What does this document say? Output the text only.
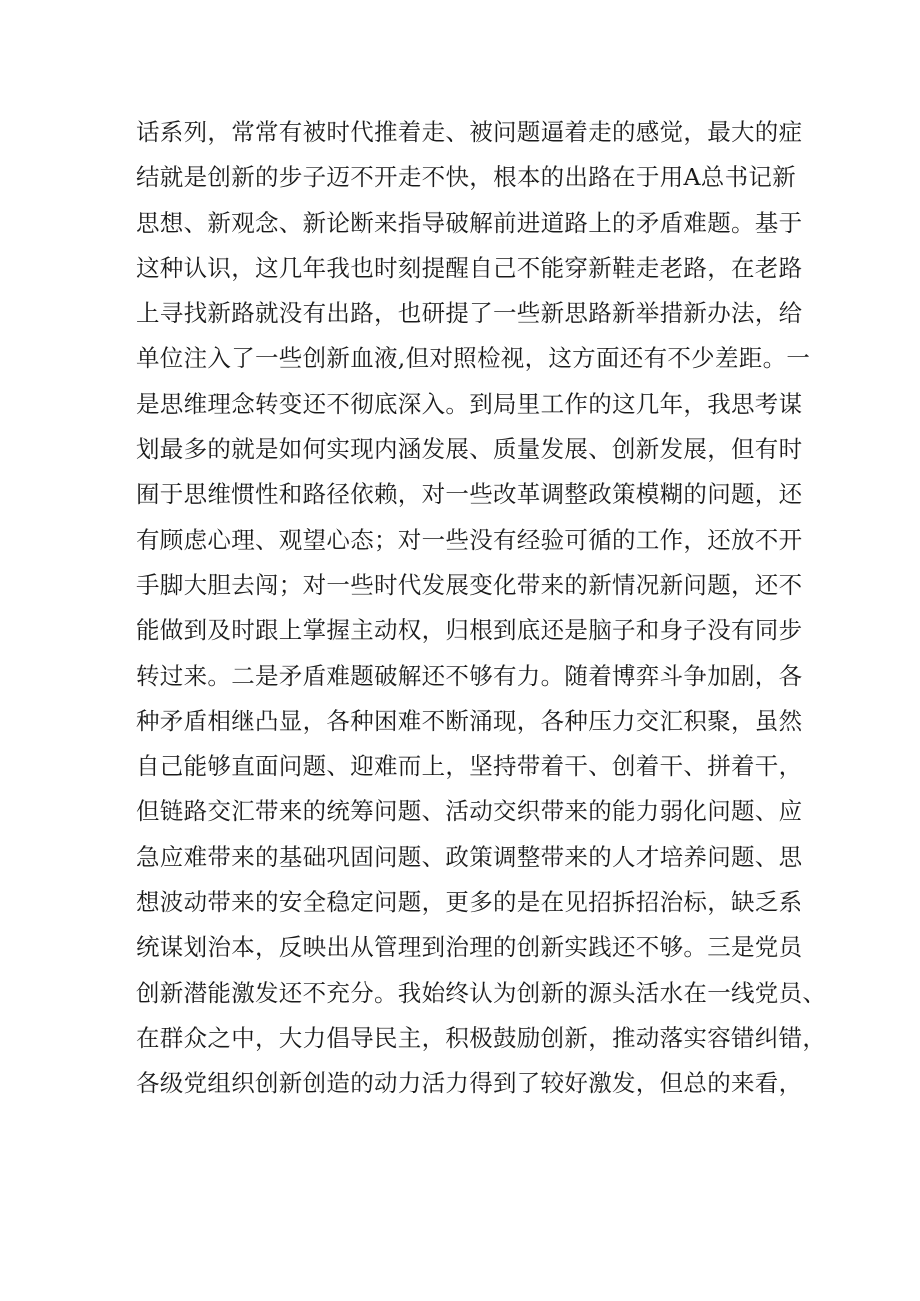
话系列，常常有被时代推着走、被问题逼着走的感觉，最大的症
结就是创新的步子迈不开走不快，根本的出路在于用A总书记新
思想、新观念、新论断来指导破解前进道路上的矛盾难题。基于
这种认识，这几年我也时刻提醒自己不能穿新鞋走老路，在老路
上寻找新路就没有出路，也研提了一些新思路新举措新办法，给
单位注入了一些创新血液,但对照检视，这方面还有不少差距。一
是思维理念转变还不彻底深入。到局里工作的这几年，我思考谋
划最多的就是如何实现内涵发展、质量发展、创新发展，但有时
囿于思维惯性和路径依赖，对一些改革调整政策模糊的问题，还
有顾虑心理、观望心态；对一些没有经验可循的工作，还放不开
手脚大胆去闯；对一些时代发展变化带来的新情况新问题，还不
能做到及时跟上掌握主动权，归根到底还是脑子和身子没有同步
转过来。二是矛盾难题破解还不够有力。随着博弈斗争加剧，各
种矛盾相继凸显，各种困难不断涌现，各种压力交汇积聚，虽然
自己能够直面问题、迎难而上，坚持带着干、创着干、拼着干，
但链路交汇带来的统筹问题、活动交织带来的能力弱化问题、应
急应难带来的基础巩固问题、政策调整带来的人才培养问题、思
想波动带来的安全稳定问题，更多的是在见招拆招治标，缺乏系
统谋划治本，反映出从管理到治理的创新实践还不够。三是党员
创新潜能激发还不充分。我始终认为创新的源头活水在一线党员、
在群众之中，大力倡导民主，积极鼓励创新，推动落实容错纠错，
各级党组织创新创造的动力活力得到了较好激发，但总的来看，
